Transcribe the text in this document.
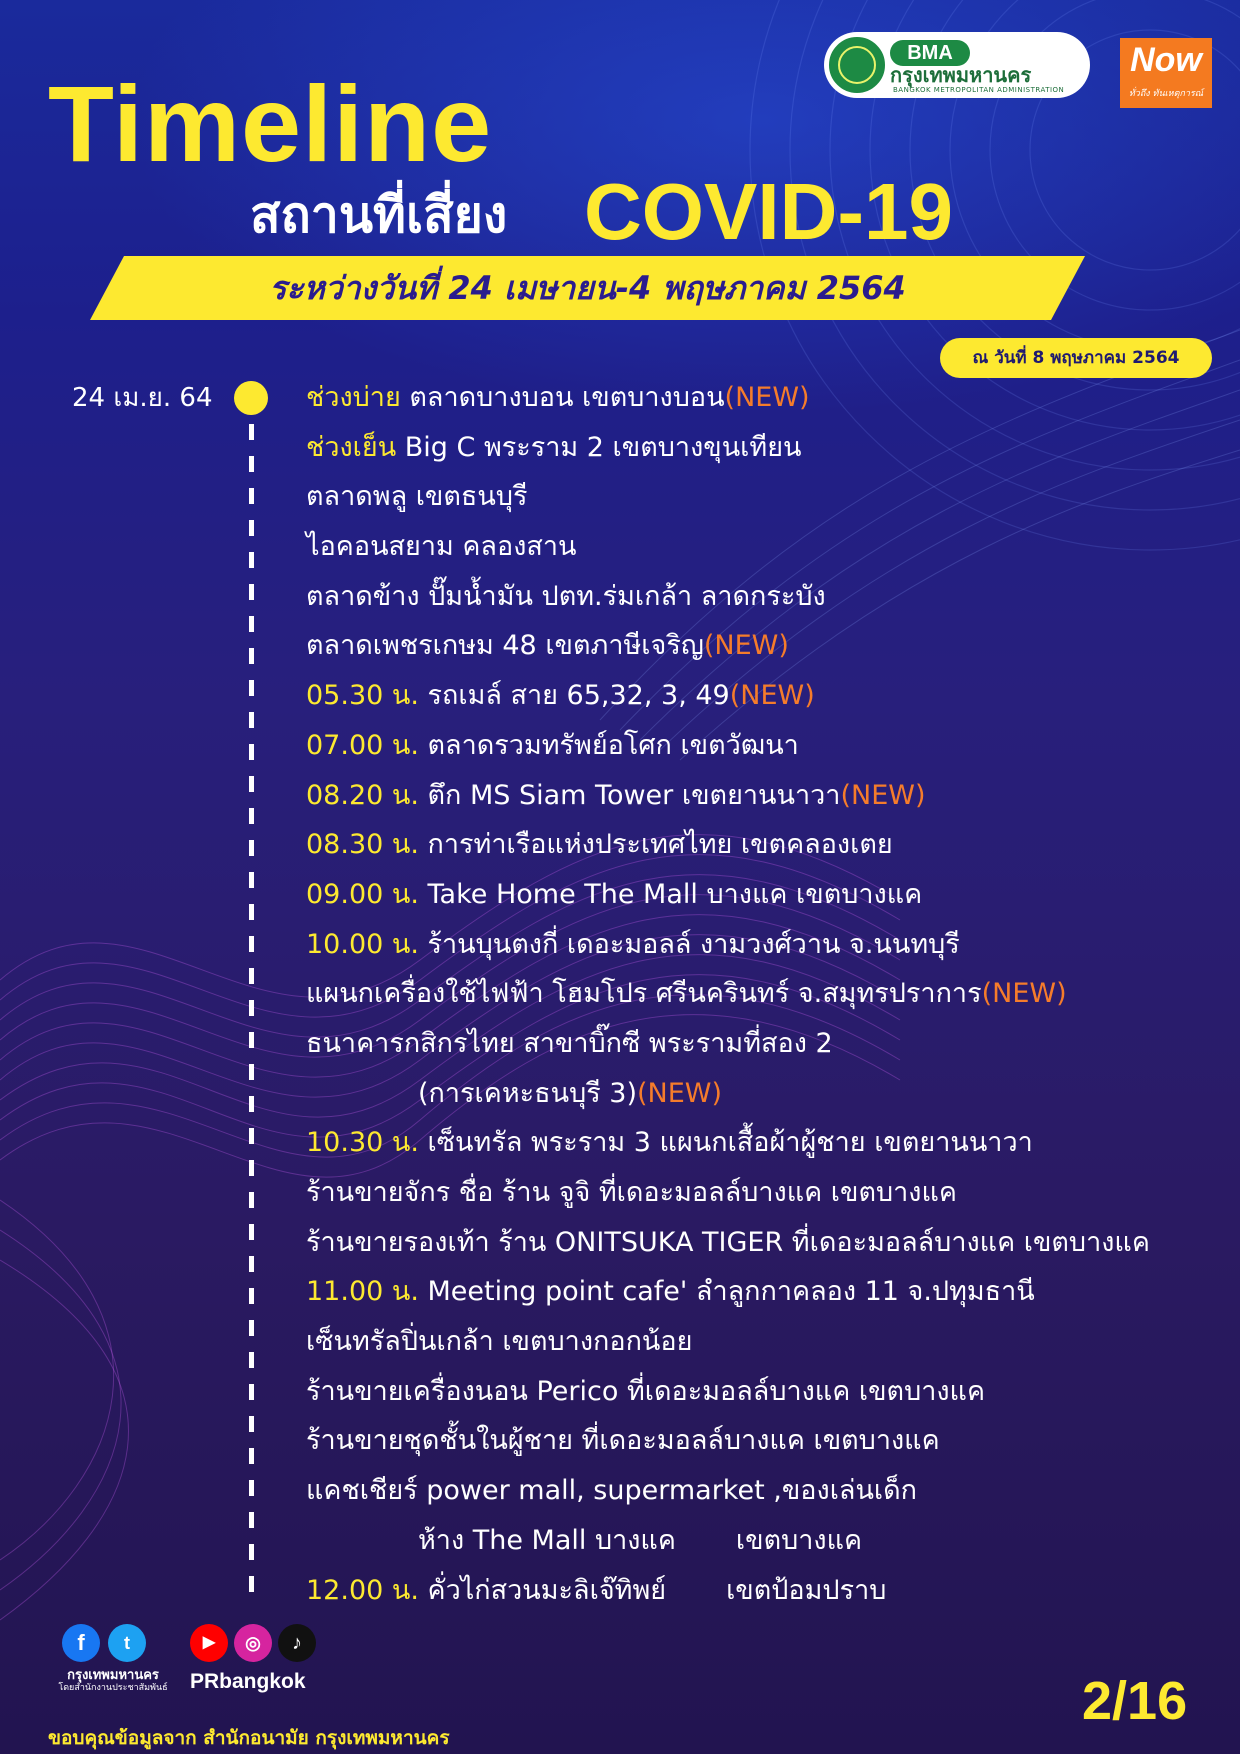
Timeline
สถานที่เสี่ยง COVID-19
ระหว่างวันที่ 24 เมษายน-4 พฤษภาคม 2564
ณ วันที่ 8 พฤษภาคม 2564
BMA
กรุงเทพมหานคร
BANGKOK METROPOLITAN ADMINISTRATION
Now
ทั่วถึง ทันเหตุการณ์
24 เม.ย. 64	ช่วงบ่าย ตลาดบางบอน เขตบางบอน(NEW)
ช่วงเย็น Big C พระราม 2 เขตบางขุนเทียน
ตลาดพลู เขตธนบุรี
ไอคอนสยาม คลองสาน
ตลาดข้าง ปั๊มน้ำมัน ปตท.ร่มเกล้า ลาดกระบัง
ตลาดเพชรเกษม 48 เขตภาษีเจริญ(NEW)
05.30 น. รถเมล์ สาย 65,32, 3, 49(NEW)
07.00 น. ตลาดรวมทรัพย์อโศก เขตวัฒนา
08.20 น. ตึก MS Siam Tower เขตยานนาวา(NEW)
08.30 น. การท่าเรือแห่งประเทศไทย เขตคลองเตย
09.00 น. Take Home The Mall บางแค เขตบางแค
10.00 น. ร้านบุนตงกี่ เดอะมอลล์ งามวงศ์วาน จ.นนทบุรี
แผนกเครื่องใช้ไฟฟ้า โฮมโปร ศรีนครินทร์ จ.สมุทรปราการ(NEW)
ธนาคารกสิกรไทย สาขาบิ๊กซี พระรามที่สอง 2
(การเคหะธนบุรี 3)(NEW)
10.30 น. เซ็นทรัล พระราม 3 แผนกเสื้อผ้าผู้ชาย เขตยานนาวา
ร้านขายจักร ชื่อ ร้าน จูจิ ที่เดอะมอลล์บางแค เขตบางแค
ร้านขายรองเท้า ร้าน ONITSUKA TIGER ที่เดอะมอลล์บางแค เขตบางแค
11.00 น. Meeting point cafe' ลำลูกกาคลอง 11 จ.ปทุมธานี
เซ็นทรัลปิ่นเกล้า เขตบางกอกน้อย
ร้านขายเครื่องนอน Perico ที่เดอะมอลล์บางแค เขตบางแค
ร้านขายชุดชั้นในผู้ชาย ที่เดอะมอลล์บางแค เขตบางแค
แคชเชียร์ power mall, supermarket ,ของเล่นเด็ก
ห้าง The Mall บางแค เขตบางแค
12.00 น. คั่วไก่สวนมะลิเจ๊ทิพย์ เขตป้อมปราบ
f	t
กรุงเทพมหานคร
โดยสำนักงานประชาสัมพันธ์
▶	◎	♪
PRbangkok
ขอบคุณข้อมูลจาก สำนักอนามัย กรุงเทพมหานคร
2/16
